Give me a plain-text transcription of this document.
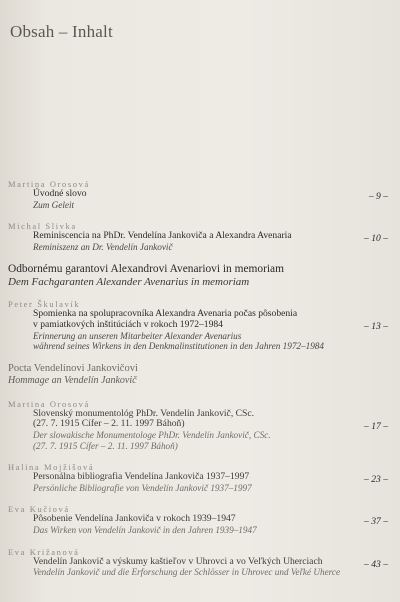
Obsah – Inhalt
Martina Orosová
Úvodné slovo
Zum Geleit
– 9 –
Michal Slivka
Reminiscencia na PhDr. Vendelína Jankoviča a Alexandra Avenaria
Reminiszenz an Dr. Vendelín Jankovič
– 10 –
Odbornému garantovi Alexandrovi Avenariovi in memoriam
Dem Fachgaranten Alexander Avenarius in memoriam
Peter Škulavík
Spomienka na spolupracovníka Alexandra Avenaria počas pôsobenia
v pamiatkových inštitúciách v rokoch 1972–1984
Erinnerung an unseren Mitarbeiter Alexander Avenarius
während seines Wirkens in den Denkmalinstitutionen in den Jahren 1972–1984
– 13 –
Pocta Vendelínovi Jankovičovi
Hommage an Vendelín Jankovič
Martina Orosová
Slovenský monumentológ PhDr. Vendelín Jankovič, CSc.
(27. 7. 1915 Cífer – 2. 11. 1997 Báhoň)
Der slowakische Monumentologe PhDr. Vendelín Jankovič, CSc.
(27. 7. 1915 Cífer – 2. 11. 1997 Báhoň)
– 17 –
Halina Mojžišová
Personálna bibliografia Vendelína Jankoviča 1937–1997
Persönliche Bibliografie von Vendelín Jankovič 1937–1997
– 23 –
Eva Kučiová
Pôsobenie Vendelína Jankoviča v rokoch 1939–1947
Das Wirken von Vendelín Jankovič in den Jahren 1939–1947
– 37 –
Eva Križanová
Vendelín Jankovič a výskumy kaštieľov v Uhrovci a vo Veľkých Uherciach
Vendelín Jankovič und die Erforschung der Schlösser in Uhrovec und Veľké Uherce
– 43 –
